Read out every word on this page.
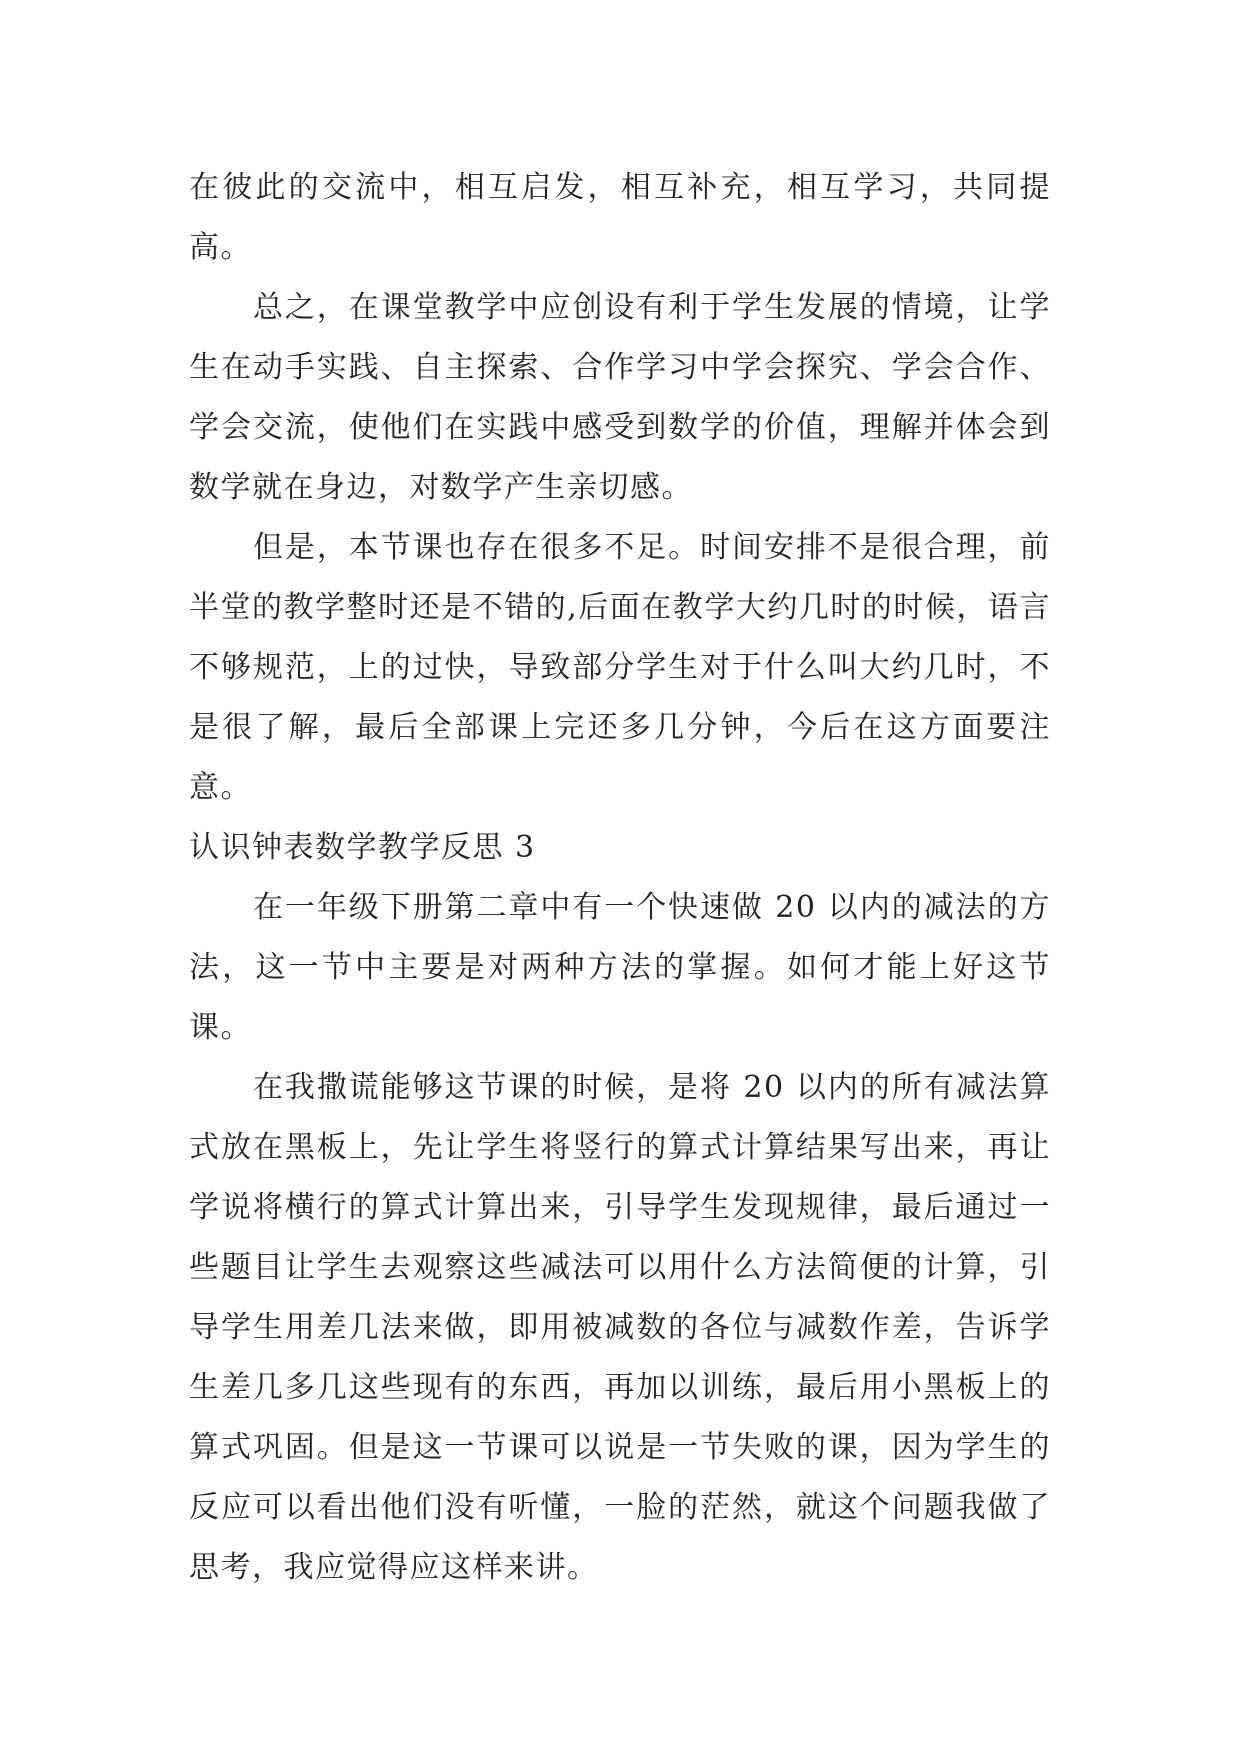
在彼此的交流中，相互启发，相互补充，相互学习，共同提高。

总之，在课堂教学中应创设有利于学生发展的情境，让学生在动手实践、自主探索、合作学习中学会探究、学会合作、学会交流，使他们在实践中感受到数学的价值，理解并体会到数学就在身边，对数学产生亲切感。

但是，本节课也存在很多不足。时间安排不是很合理，前半堂的教学整时还是不错的,后面在教学大约几时的时候，语言不够规范，上的过快，导致部分学生对于什么叫大约几时，不是很了解，最后全部课上完还多几分钟，今后在这方面要注意。

认识钟表数学教学反思 3

在一年级下册第二章中有一个快速做 20 以内的减法的方法，这一节中主要是对两种方法的掌握。如何才能上好这节课。

在我撒谎能够这节课的时候，是将 20 以内的所有减法算式放在黑板上，先让学生将竖行的算式计算结果写出来，再让学说将横行的算式计算出来，引导学生发现规律，最后通过一些题目让学生去观察这些减法可以用什么方法简便的计算，引导学生用差几法来做，即用被减数的各位与减数作差，告诉学生差几多几这些现有的东西，再加以训练，最后用小黑板上的算式巩固。但是这一节课可以说是一节失败的课，因为学生的反应可以看出他们没有听懂，一脸的茫然，就这个问题我做了思考，我应觉得应这样来讲。
